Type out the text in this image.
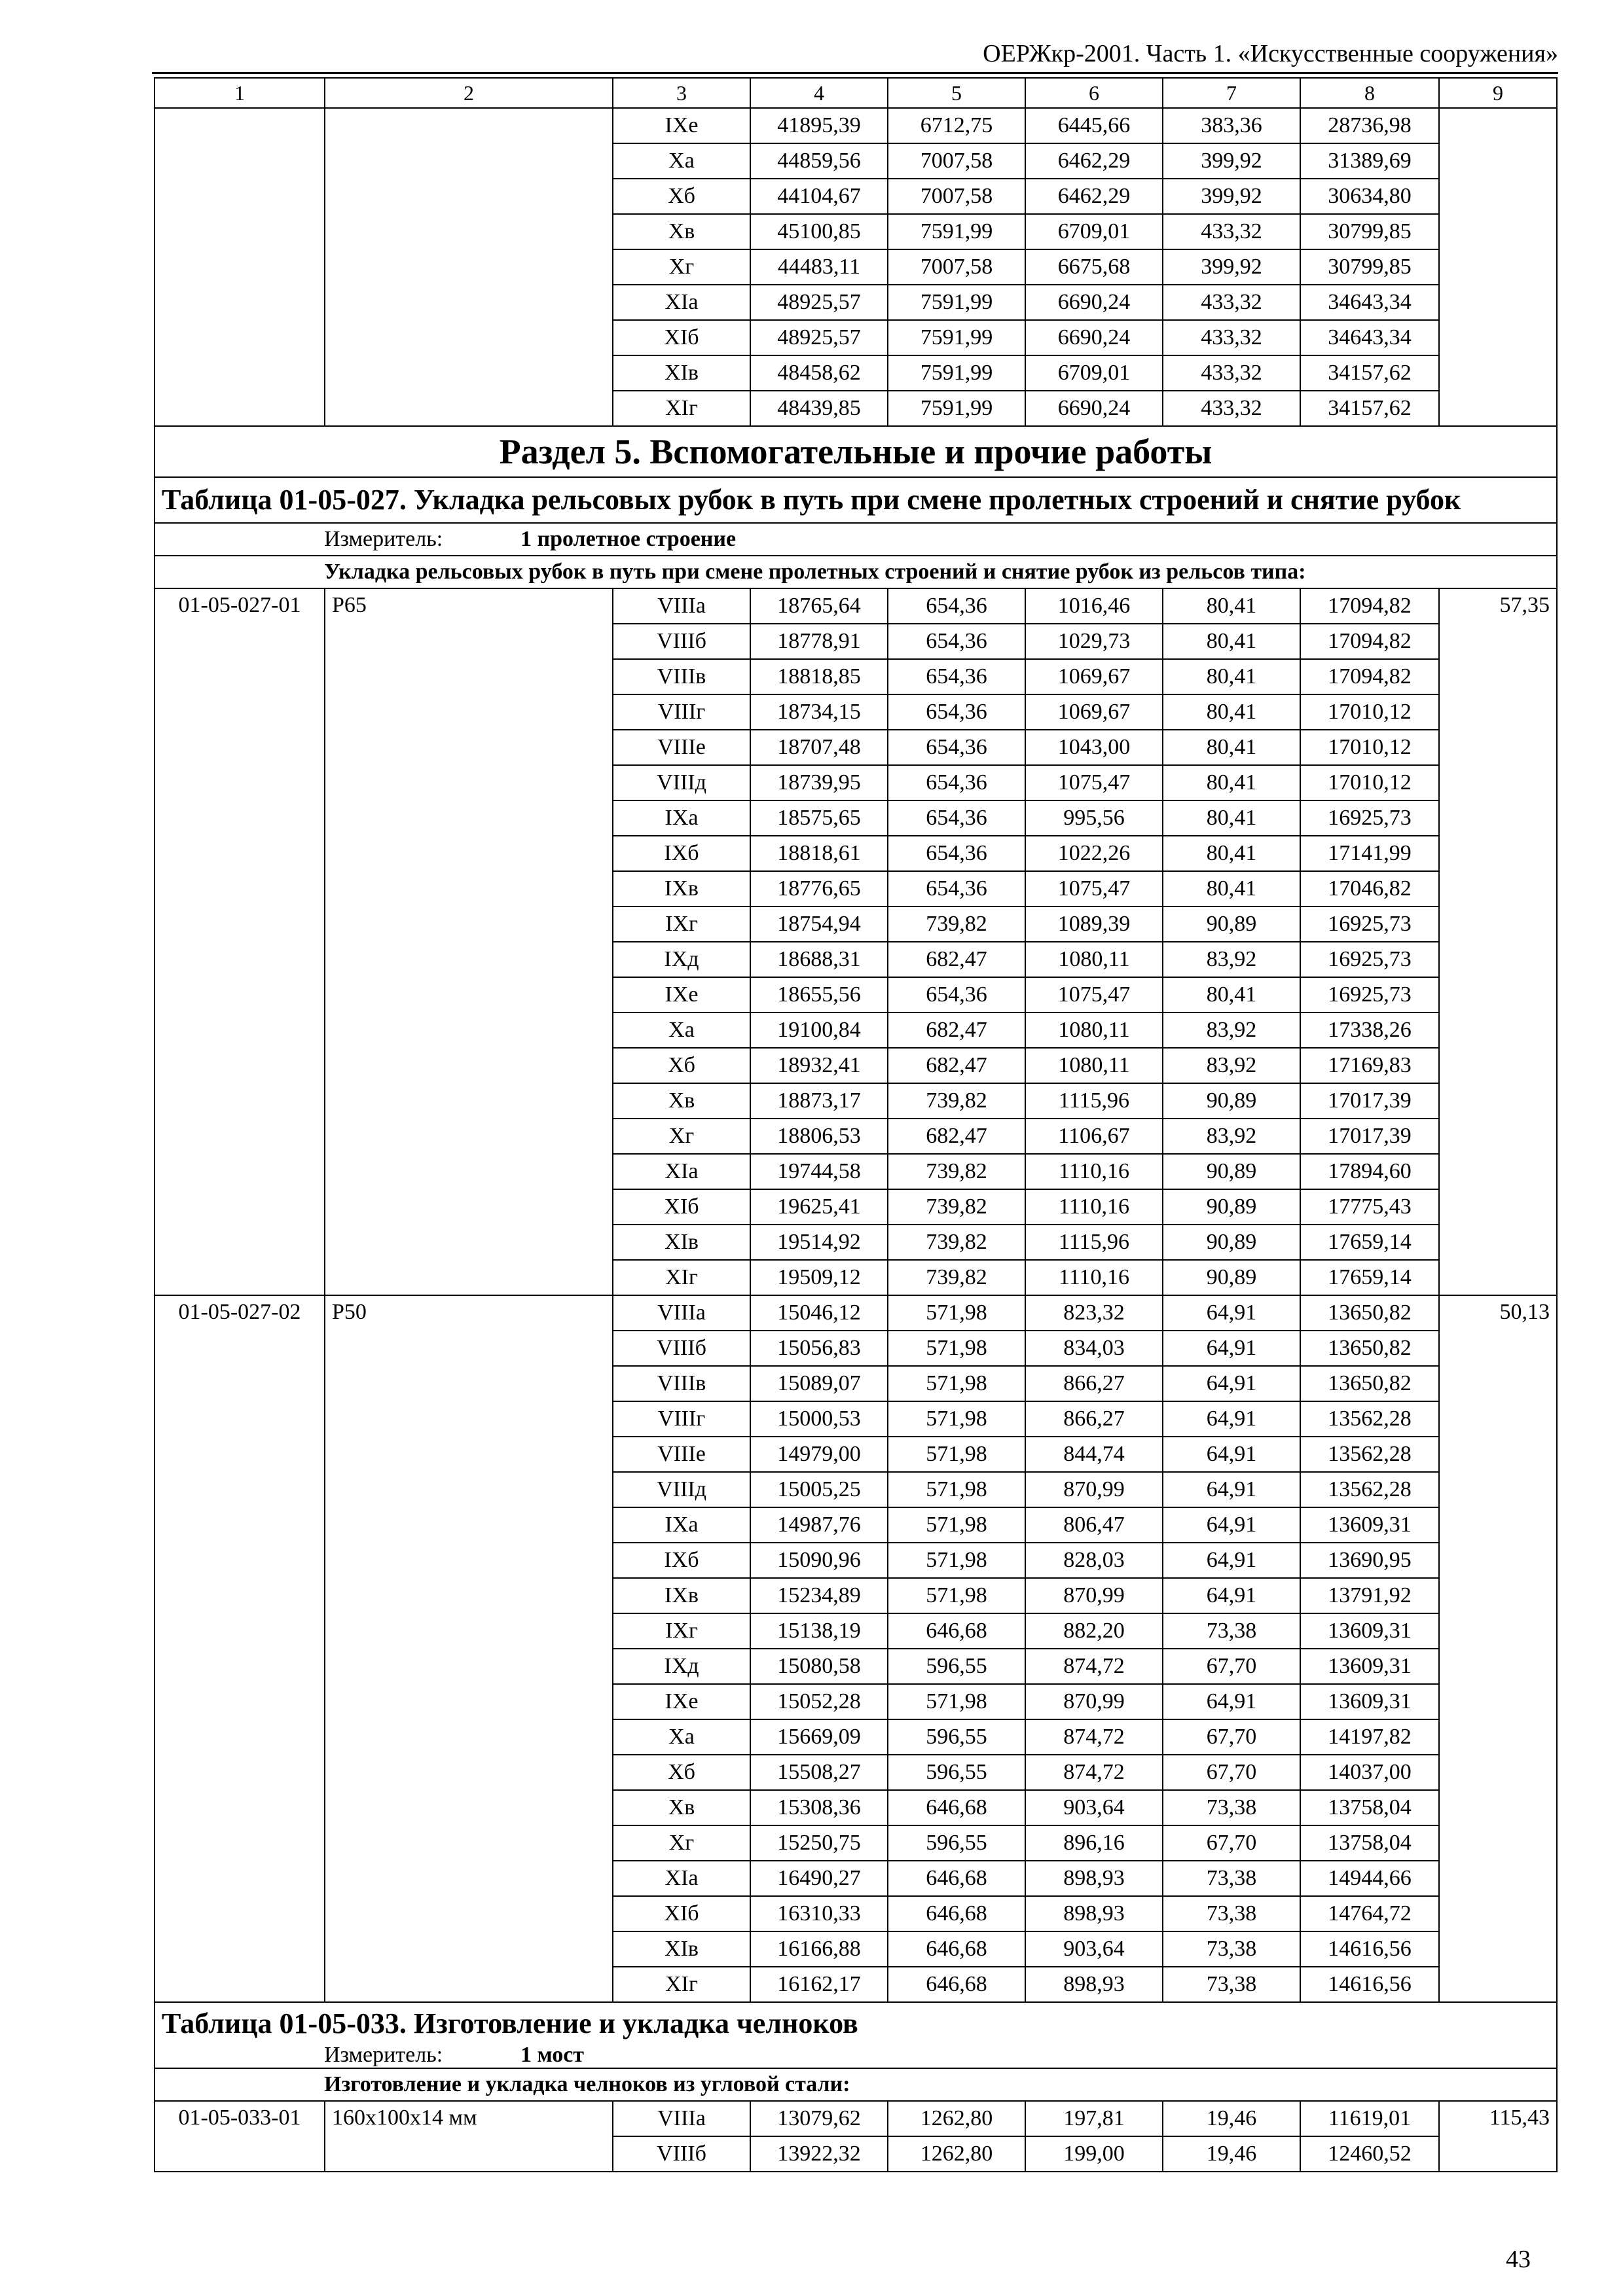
ОЕРЖкр-2001. Часть 1. «Искусственные сооружения»
1	2	3	4	5	6	7	8	9
		IXе	41895,39	6712,75	6445,66	383,36	28736,98	
		Xа	44859,56	7007,58	6462,29	399,92	31389,69	
		Xб	44104,67	7007,58	6462,29	399,92	30634,80	
		Xв	45100,85	7591,99	6709,01	433,32	30799,85	
		Xг	44483,11	7007,58	6675,68	399,92	30799,85	
		XIа	48925,57	7591,99	6690,24	433,32	34643,34	
		XIб	48925,57	7591,99	6690,24	433,32	34643,34	
		XIв	48458,62	7591,99	6709,01	433,32	34157,62	
		XIг	48439,85	7591,99	6690,24	433,32	34157,62	
Раздел 5. Вспомогательные и прочие работы								
Таблица 01-05-027. Укладка рельсовых рубок в путь при смене пролетных строений и снятие рубок								
Измеритель: 1 пролетное строение								
Укладка рельсовых рубок в путь при смене пролетных строений и снятие рубок из рельсов типа:								
01-05-027-01	Р65	VIIIа	18765,64	654,36	1016,46	80,41	17094,82	57,35
		VIIIб	18778,91	654,36	1029,73	80,41	17094,82	
		VIIIв	18818,85	654,36	1069,67	80,41	17094,82	
		VIIIг	18734,15	654,36	1069,67	80,41	17010,12	
		VIIIе	18707,48	654,36	1043,00	80,41	17010,12	
		VIIIд	18739,95	654,36	1075,47	80,41	17010,12	
		IXа	18575,65	654,36	995,56	80,41	16925,73	
		IXб	18818,61	654,36	1022,26	80,41	17141,99	
		IXв	18776,65	654,36	1075,47	80,41	17046,82	
		IXг	18754,94	739,82	1089,39	90,89	16925,73	
		IXд	18688,31	682,47	1080,11	83,92	16925,73	
		IXе	18655,56	654,36	1075,47	80,41	16925,73	
		Xа	19100,84	682,47	1080,11	83,92	17338,26	
		Xб	18932,41	682,47	1080,11	83,92	17169,83	
		Xв	18873,17	739,82	1115,96	90,89	17017,39	
		Xг	18806,53	682,47	1106,67	83,92	17017,39	
		XIа	19744,58	739,82	1110,16	90,89	17894,60	
		XIб	19625,41	739,82	1110,16	90,89	17775,43	
		XIв	19514,92	739,82	1115,96	90,89	17659,14	
		XIг	19509,12	739,82	1110,16	90,89	17659,14	
01-05-027-02	Р50	VIIIа	15046,12	571,98	823,32	64,91	13650,82	50,13
		VIIIб	15056,83	571,98	834,03	64,91	13650,82	
		VIIIв	15089,07	571,98	866,27	64,91	13650,82	
		VIIIг	15000,53	571,98	866,27	64,91	13562,28	
		VIIIе	14979,00	571,98	844,74	64,91	13562,28	
		VIIIд	15005,25	571,98	870,99	64,91	13562,28	
		IXа	14987,76	571,98	806,47	64,91	13609,31	
		IXб	15090,96	571,98	828,03	64,91	13690,95	
		IXв	15234,89	571,98	870,99	64,91	13791,92	
		IXг	15138,19	646,68	882,20	73,38	13609,31	
		IXд	15080,58	596,55	874,72	67,70	13609,31	
		IXе	15052,28	571,98	870,99	64,91	13609,31	
		Xа	15669,09	596,55	874,72	67,70	14197,82	
		Xб	15508,27	596,55	874,72	67,70	14037,00	
		Xв	15308,36	646,68	903,64	73,38	13758,04	
		Xг	15250,75	596,55	896,16	67,70	13758,04	
		XIа	16490,27	646,68	898,93	73,38	14944,66	
		XIб	16310,33	646,68	898,93	73,38	14764,72	
		XIв	16166,88	646,68	903,64	73,38	14616,56	
		XIг	16162,17	646,68	898,93	73,38	14616,56	

Таблица 01-05-033. Изготовление и укладка челноков
Измеритель: 1 мост								

Изготовление и укладка челноков из угловой стали:								
01-05-033-01	160х100х14 мм	VIIIа	13079,62	1262,80	197,81	19,46	11619,01	115,43
		VIIIб	13922,32	1262,80	199,00	19,46	12460,52	
43
